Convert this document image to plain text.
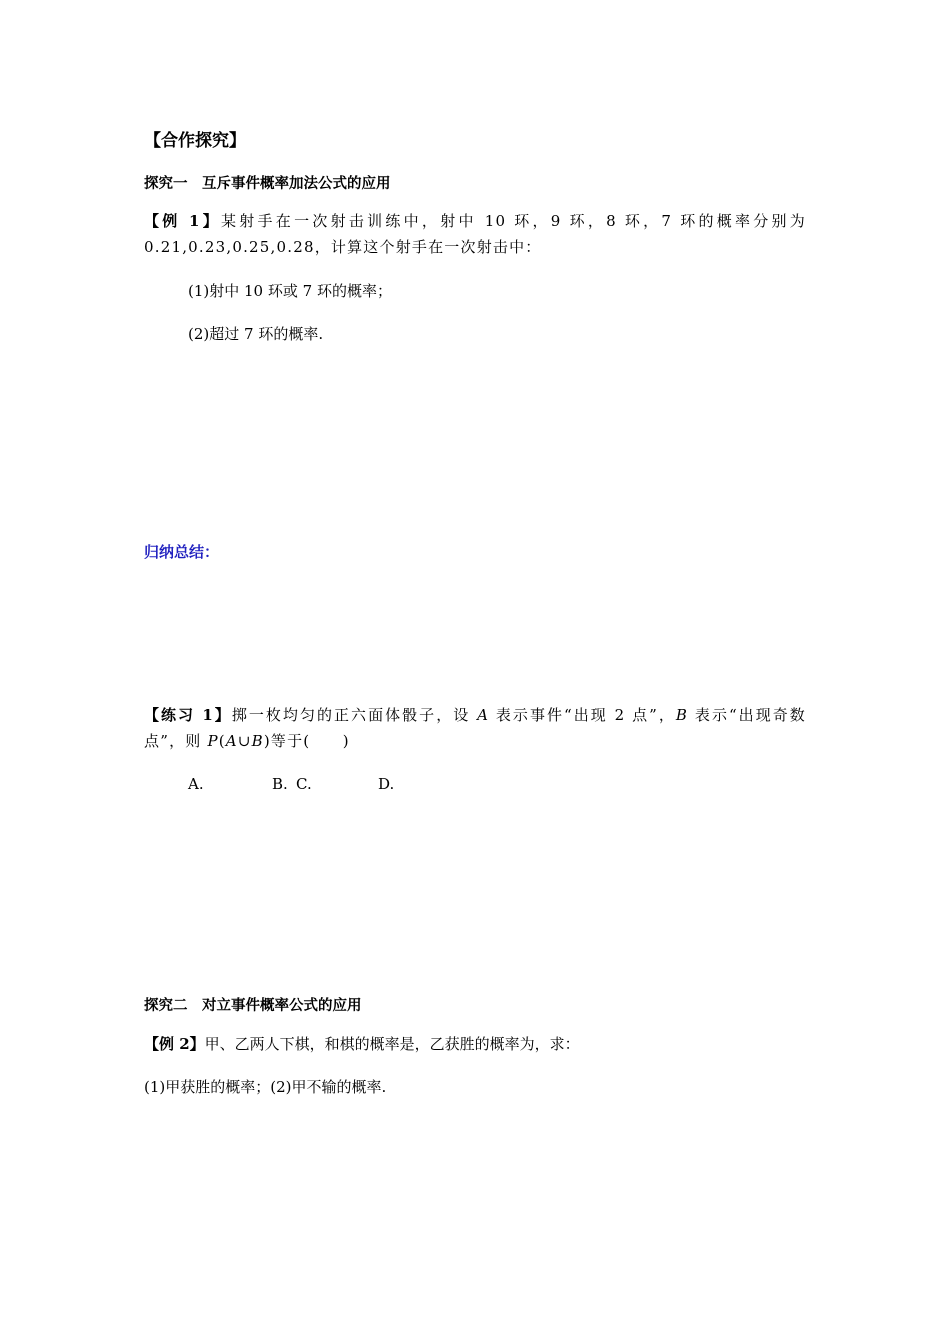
【合作探究】
探究一　互斥事件概率加法公式的应用

【例 1】某射手在一次射击训练中，射中 10 环，9 环，8 环，7 环的概率分别为 0.21,0.23,0.25,0.28，计算这个射手在一次射击中：

(1)射中 10 环或 7 环的概率；
(2)超过 7 环的概率.
归纳总结：

【练习 1】掷一枚均匀的正六面体骰子，设 A 表示事件“出现 2 点”，B 表示“出现奇数点”，则 P(A∪B)等于(　　)

A.	B. C.	D.
探究二　对立事件概率公式的应用

【例 2】甲、乙两人下棋，和棋的概率是，乙获胜的概率为，求：

(1)甲获胜的概率；(2)甲不输的概率.
